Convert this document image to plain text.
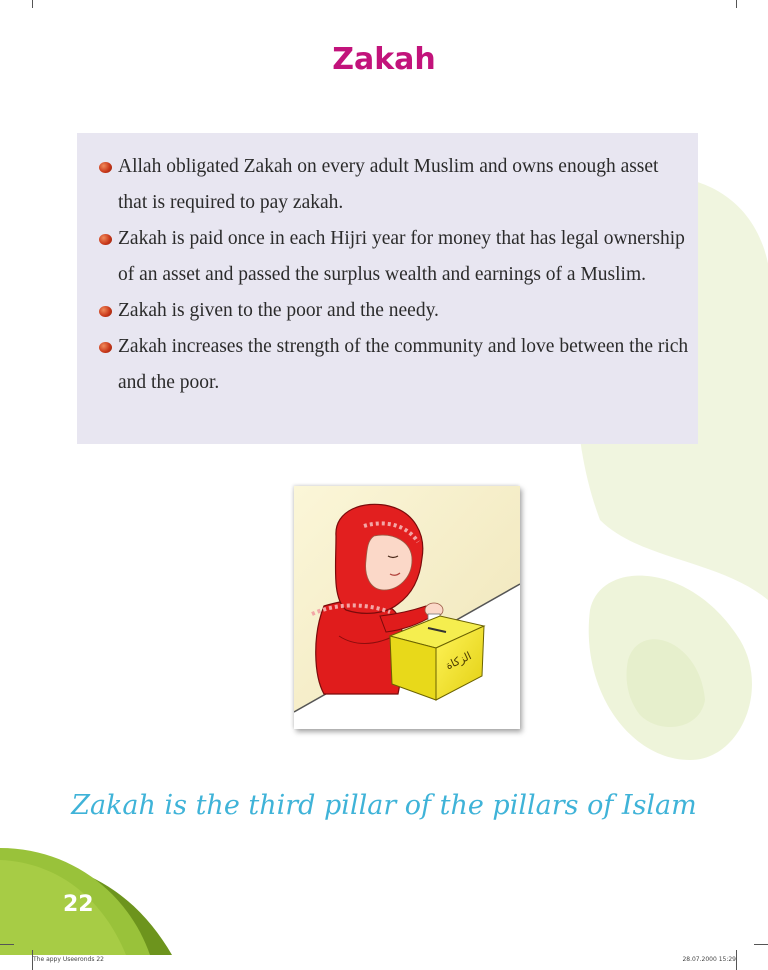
Zakah
Allah obligated Zakah on every adult Muslim and owns enough asset that is required to pay zakah.
Zakah is paid once in each Hijri year for money that has legal ownership of an asset and passed the surplus wealth and earnings of a Muslim.
Zakah is given to the poor and the needy.
Zakah increases the strength of the community and love between the rich and the poor.
الزكاة

Zakah is the third pillar of the pillars of Islam

22
The appy Useeronds 22	28.07.2000 15:29
